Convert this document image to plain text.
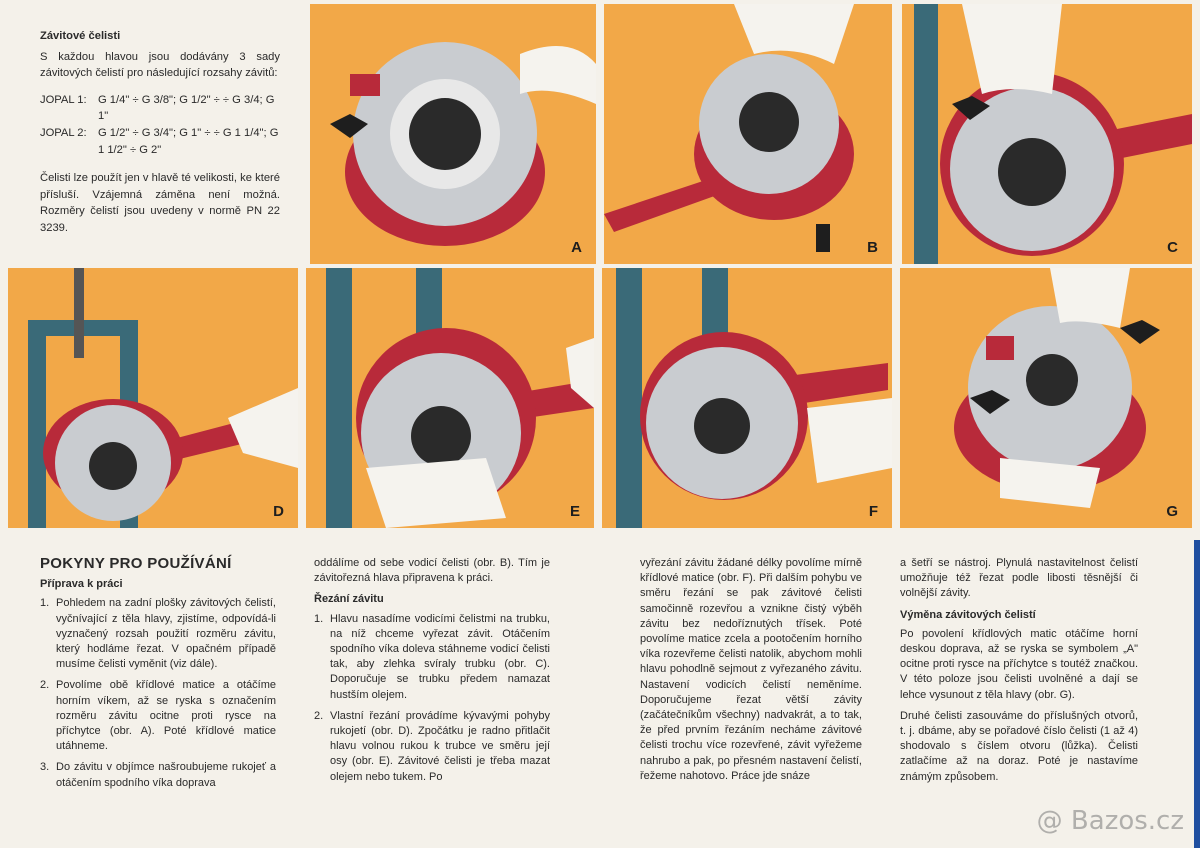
Závitové čelisti

S každou hlavou jsou dodávány 3 sady závitových čelistí pro následující rozsahy závitů:

JOPAL 1:	G 1/4" ÷ G 3/8"; G 1/2" ÷ ÷ G 3/4; G 1"
JOPAL 2:	G 1/2" ÷ G 3/4"; G 1" ÷ ÷ G 1 1/4"; G 1 1/2" ÷ G 2"

Čelisti lze použít jen v hlavě té velikosti, ke které přísluší. Vzájemná záměna není možná. Rozměry čelistí jsou uvedeny v normě PN 22 3239.

A	B	C
D	E	F	G
POKYNY PRO POUŽÍVÁNÍ
Příprava k práci
1. Pohledem na zadní plošky závitových čelistí, vyčnívající z těla hlavy, zjistíme, odpovídá-li vyznačený rozsah použití rozměru závitu, který hodláme řezat. V opačném případě musíme čelisti vyměnit (viz dále).
2. Povolíme obě křídlové matice a otáčíme horním víkem, až se ryska s označením rozměru závitu ocitne proti rysce na příchytce (obr. A). Poté křídlové matice utáhneme.
3. Do závitu v objímce našroubujeme rukojeť a otáčením spodního víka doprava

oddálíme od sebe vodicí čelisti (obr. B). Tím je závitořezná hlava připravena k práci.

Řezání závitu
1. Hlavu nasadíme vodicími čelistmi na trubku, na níž chceme vyřezat závit. Otáčením spodního víka doleva stáhneme vodicí čelisti tak, aby zlehka svíraly trubku (obr. C). Doporučuje se trubku předem namazat hustším olejem.
2. Vlastní řezání provádíme kývavými pohyby rukojetí (obr. D). Zpočátku je radno přitlačit hlavu volnou rukou k trubce ve směru její osy (obr. E). Závitové čelisti je třeba mazat olejem nebo tukem. Po

vyřezání závitu žádané délky povolíme mírně křídlové matice (obr. F). Při dalším pohybu ve směru řezání se pak závitové čelisti samočinně rozevřou a vznikne čistý výběh závitu bez nedoříznutých třísek. Poté povolíme matice zcela a pootočením horního víka rozevřeme čelisti natolik, abychom mohli hlavu pohodlně sejmout z vyřezaného závitu. Nastavení vodicích čelistí neměníme. Doporučujeme řezat větší závity (začátečníkům všechny) nadvakrát, a to tak, že před prvním řezáním necháme závitové čelisti trochu více rozevřené, závit vyřežeme nahrubo a pak, po přesném nastavení čelistí, řežeme nahotovo. Práce jde snáze

a šetří se nástroj. Plynulá nastavitelnost čelistí umožňuje též řezat podle libosti těsnější či volnější závity.

Výměna závitových čelistí

Po povolení křídlových matic otáčíme horní deskou doprava, až se ryska se symbolem „A" ocitne proti rysce na příchytce s toutéž značkou. V této poloze jsou čelisti uvolněné a dají se lehce vysunout z těla hlavy (obr. G).

Druhé čelisti zasouváme do příslušných otvorů, t. j. dbáme, aby se pořadové číslo čelisti (1 až 4) shodovalo s číslem otvoru (lůžka). Čelisti zatlačíme až na doraz. Poté je nastavíme známým způsobem.

@ Bazos.cz
